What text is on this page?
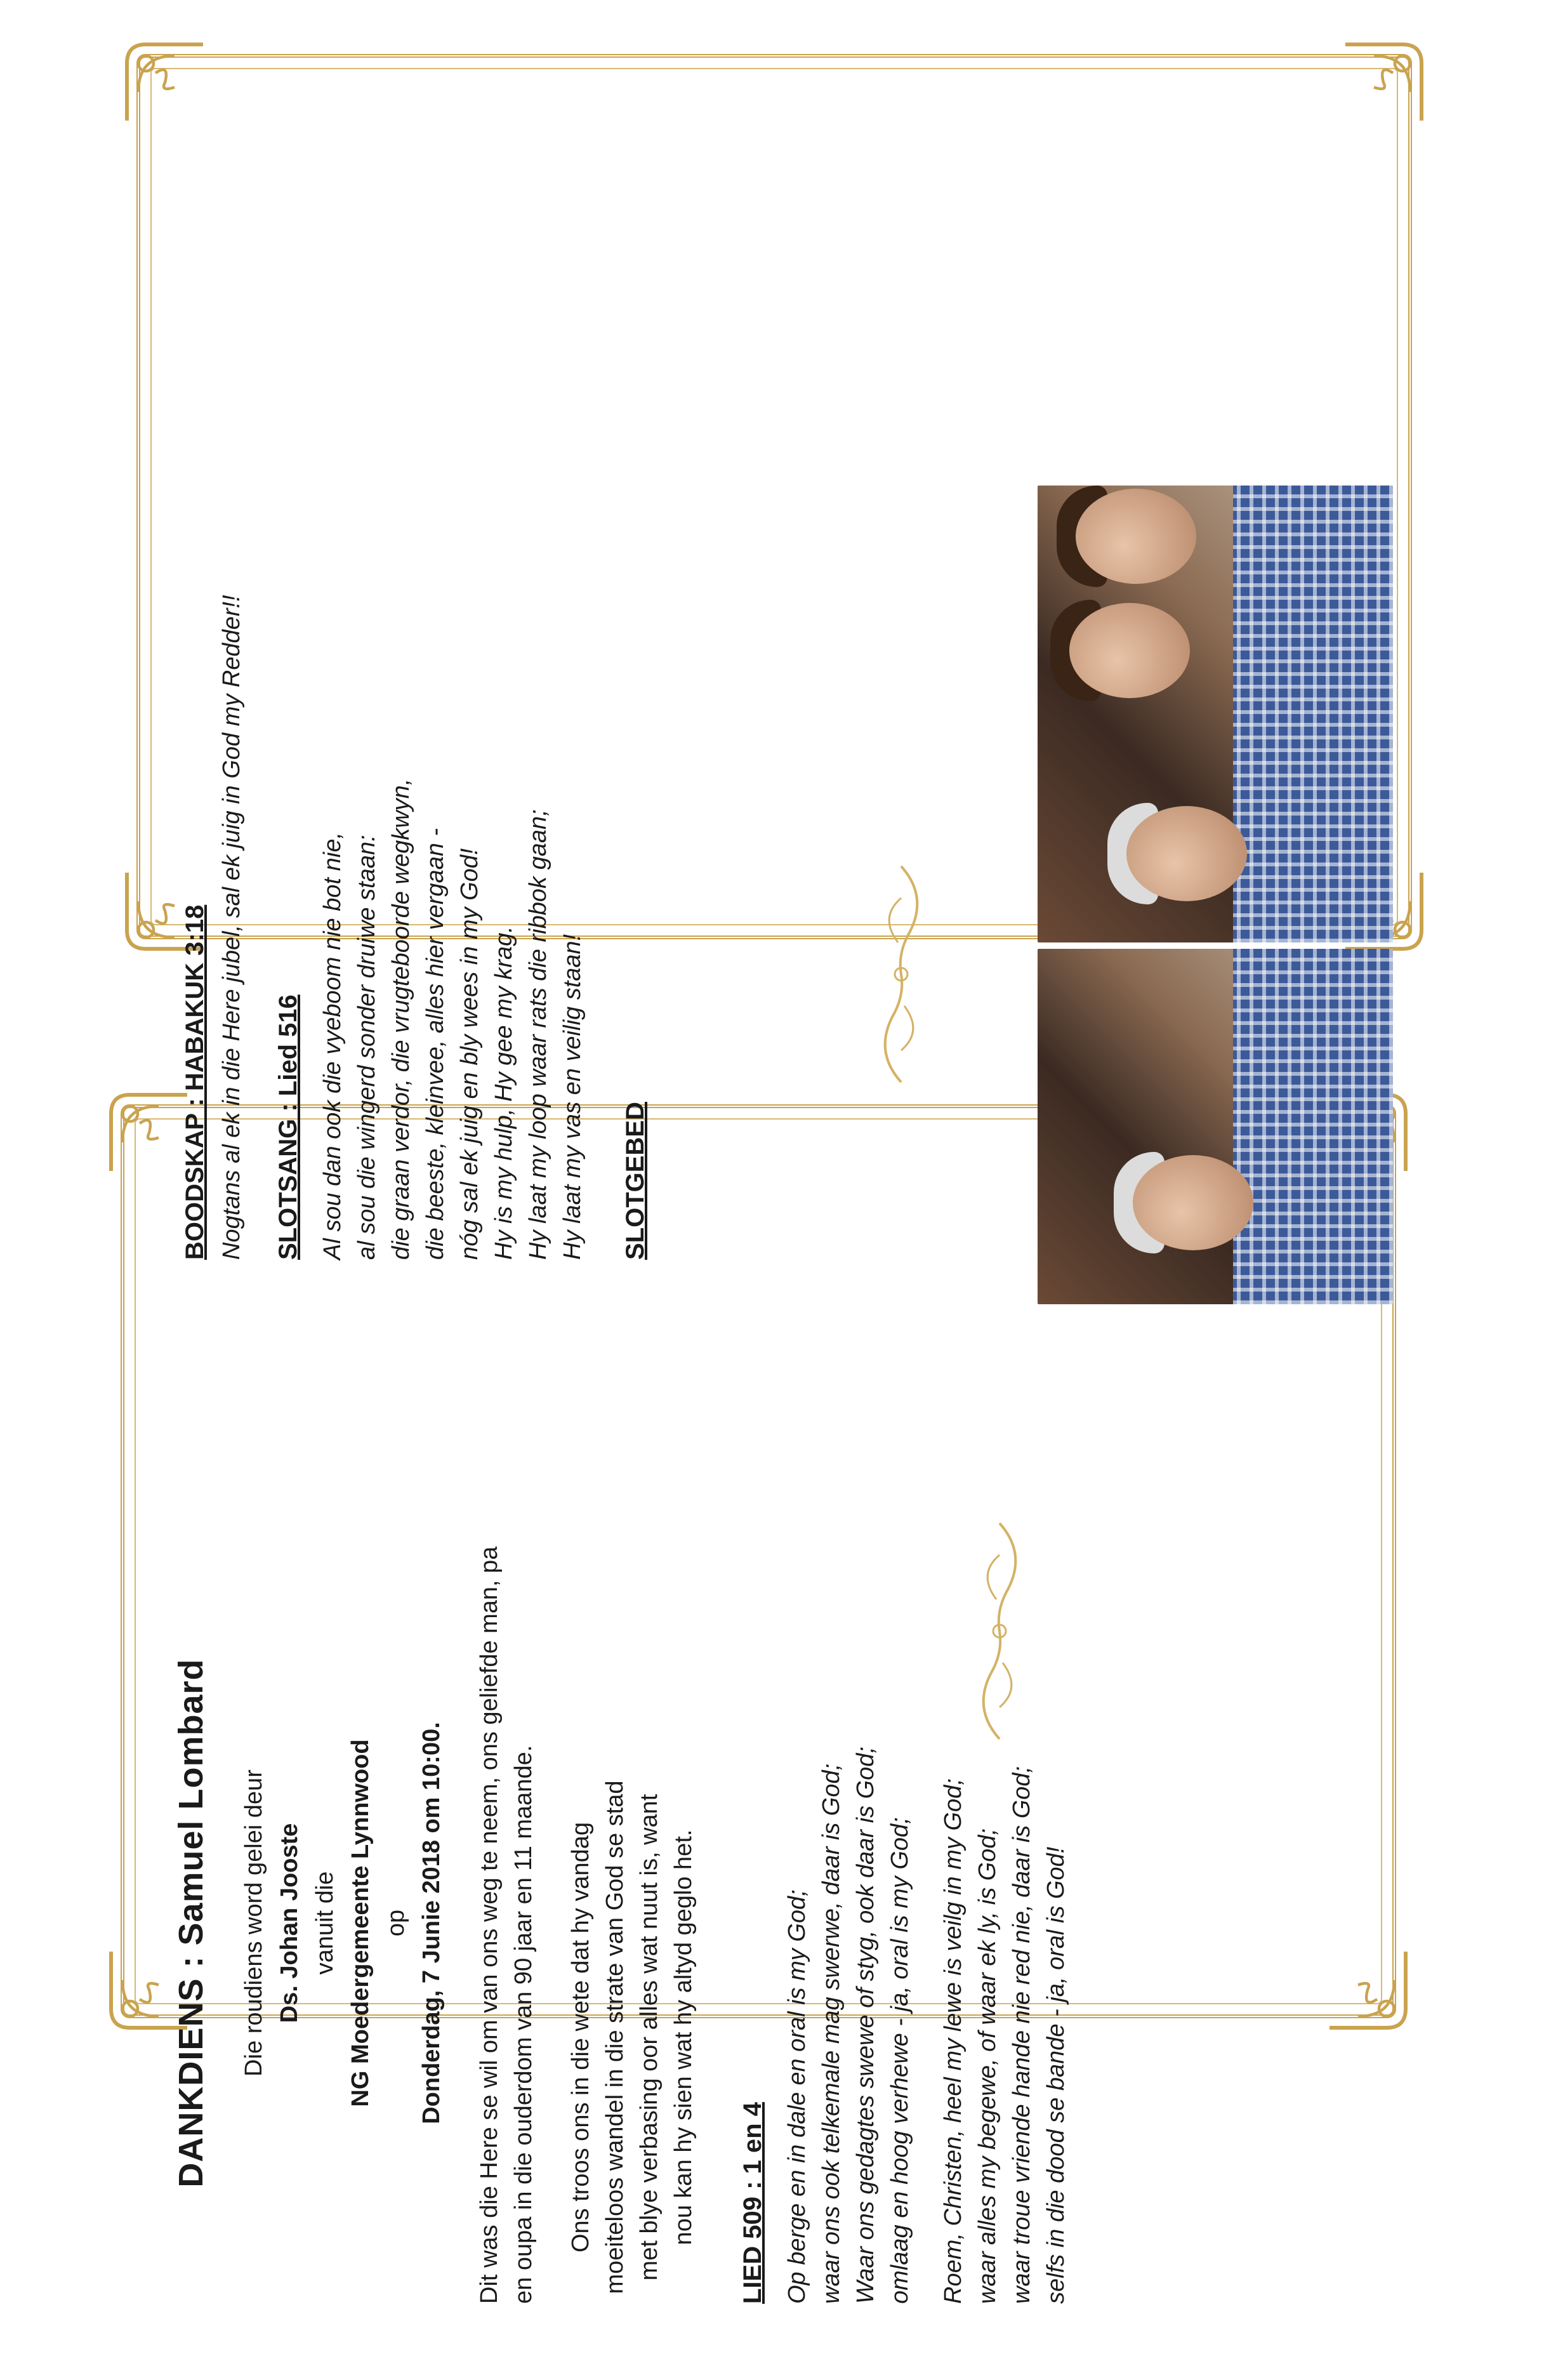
DANKDIENS : Samuel Lombard Die roudiens word gelei deur Ds. Johan Jooste vanuit die NG Moedergemeente Lynnwood op Donderdag, 7 Junie 2018 om 10:00. Dit was die Here se wil om van ons weg te neem, ons geliefde man, pa en oupa in die ouderdom van 90 jaar en 11 maande. Ons troos ons in die wete dat hy vandag moeiteloos wandel in die strate van God se stad met blye verbasing oor alles wat nuut is, want nou kan hy sien wat hy altyd geglo het. LIED 509 : 1 en 4 Op berge en in dale en oral is my God; waar ons ook telkemale mag swerwe, daar is God; Waar ons gedagtes swewe of styg, ook daar is God; omlaag en hoog verhewe - ja, oral is my God; Roem, Christen, heel my lewe is veilg in my God; waar alles my begewe, of waar ek ly, is God; waar troue vriende hande nie red nie, daar is God; selfs in die dood se bande - ja, oral is God!
BOODSKAP : HABAKUK 3:18 Nogtans al ek in die Here jubel, sal ek juig in God my Redder!! SLOTSANG : Lied 516 Al sou dan ook die vyeboom nie bot nie, al sou die wingerd sonder druiwe staan: die graan verdor, die vrugteboorde wegkwyn, die beeste, kleinvee, alles hier vergaan - nóg sal ek juig en bly wees in my God! Hy is my hulp, Hy gee my krag. Hy laat my loop waar rats die ribbok gaan; Hy laat my vas en veilig staan! SLOTGEBED
